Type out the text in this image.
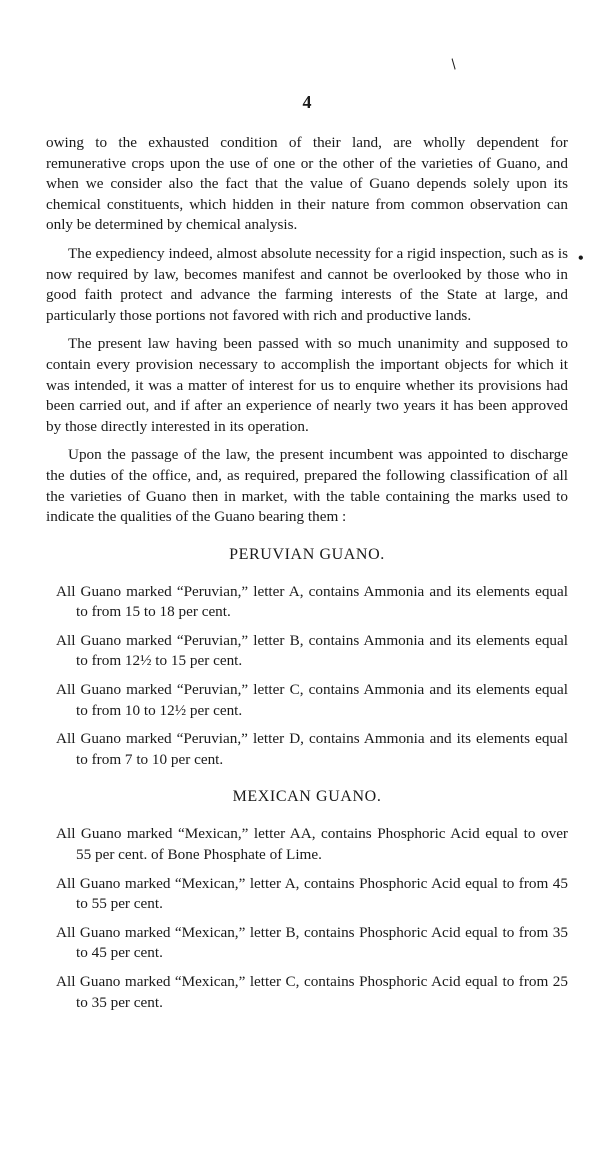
/
•
4

owing to the exhausted condition of their land, are wholly dependent for remunerative crops upon the use of one or the other of the varieties of Guano, and when we consider also the fact that the value of Guano depends solely upon its chemical constituents, which hidden in their nature from common observation can only be determined by chemical analysis.

The expediency indeed, almost absolute necessity for a rigid inspection, such as is now required by law, becomes manifest and cannot be overlooked by those who in good faith protect and advance the farming interests of the State at large, and particularly those portions not favored with rich and productive lands.

The present law having been passed with so much unanimity and supposed to contain every provision necessary to accomplish the important objects for which it was intended, it was a matter of interest for us to enquire whether its provisions had been carried out, and if after an experience of nearly two years it has been approved by those directly interested in its operation.

Upon the passage of the law, the present incumbent was appointed to discharge the duties of the office, and, as required, prepared the following classification of all the varieties of Guano then in market, with the table containing the marks used to indicate the qualities of the Guano bearing them :

PERUVIAN GUANO.

All Guano marked “Peruvian,” letter A, contains Ammonia and its elements equal to from 15 to 18 per cent.

All Guano marked “Peruvian,” letter B, contains Ammonia and its elements equal to from 12½ to 15 per cent.

All Guano marked “Peruvian,” letter C, contains Ammonia and its elements equal to from 10 to 12½ per cent.

All Guano marked “Peruvian,” letter D, contains Ammonia and its elements equal to from 7 to 10 per cent.

MEXICAN GUANO.

All Guano marked “Mexican,” letter AA, contains Phosphoric Acid equal to over 55 per cent. of Bone Phosphate of Lime.

All Guano marked “Mexican,” letter A, contains Phosphoric Acid equal to from 45 to 55 per cent.

All Guano marked “Mexican,” letter B, contains Phosphoric Acid equal to from 35 to 45 per cent.

All Guano marked “Mexican,” letter C, contains Phosphoric Acid equal to from 25 to 35 per cent.
